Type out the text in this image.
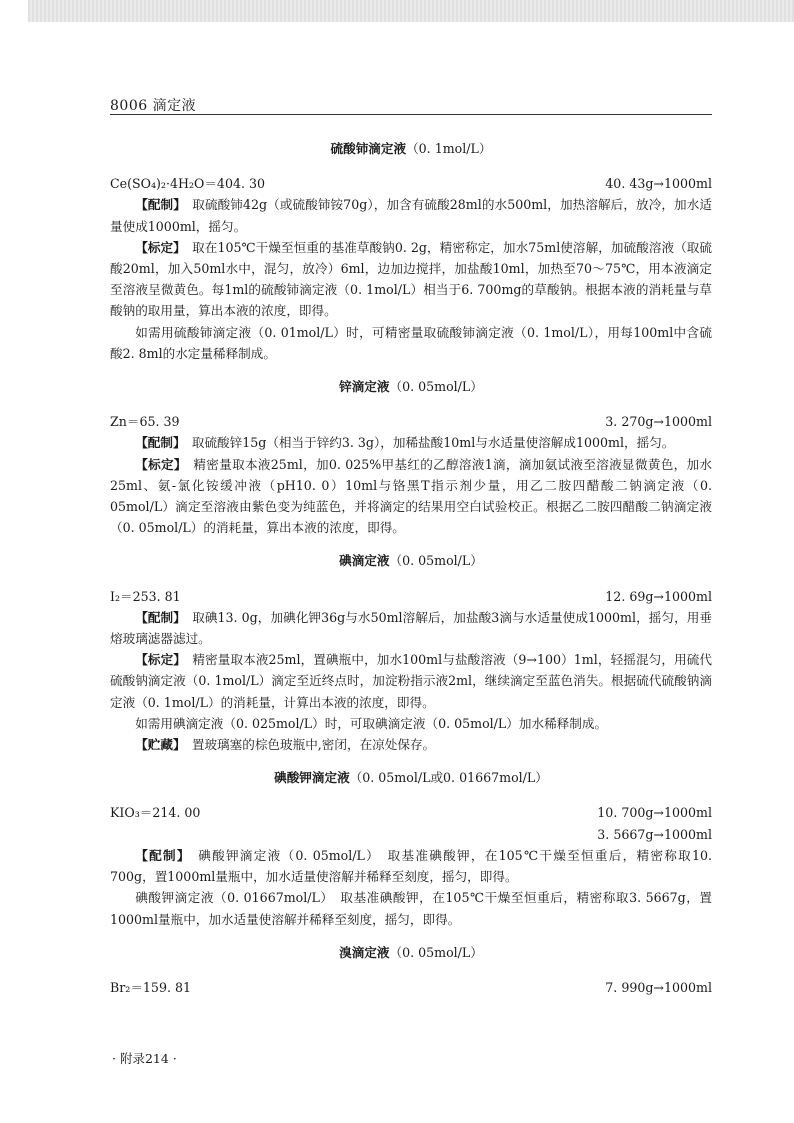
8006 滴定液
硫酸铈滴定液（0. 1mol/L）
Ce(SO₄)₂·4H₂O＝404. 30	40. 43g→1000ml

【配制】  取硫酸铈42g（或硫酸铈铵70g），加含有硫酸28ml的水500ml，加热溶解后，放冷，加水适量使成1000ml，摇匀。

【标定】  取在105℃干燥至恒重的基准草酸钠0. 2g，精密称定，加水75ml使溶解，加硫酸溶液（取硫酸20ml，加入50ml水中，混匀，放冷）6ml，边加边搅拌，加盐酸10ml，加热至70～75℃，用本液滴定至溶液呈微黄色。每1ml的硫酸铈滴定液（0. 1mol/L）相当于6. 700mg的草酸钠。根据本液的消耗量与草酸钠的取用量，算出本液的浓度，即得。

如需用硫酸铈滴定液（0. 01mol/L）时，可精密量取硫酸铈滴定液（0. 1mol/L），用每100ml中含硫酸2. 8ml的水定量稀释制成。

锌滴定液（0. 05mol/L）
Zn＝65. 39	3. 270g→1000ml

【配制】  取硫酸锌15g（相当于锌约3. 3g），加稀盐酸10ml与水适量使溶解成1000ml，摇匀。

【标定】  精密量取本液25ml，加0. 025%甲基红的乙醇溶液1滴，滴加氨试液至溶液显微黄色，加水25ml、氨-氯化铵缓冲液（pH10. 0）10ml与铬黑T指示剂少量，用乙二胺四醋酸二钠滴定液（0. 05mol/L）滴定至溶液由紫色变为纯蓝色，并将滴定的结果用空白试验校正。根据乙二胺四醋酸二钠滴定液（0. 05mol/L）的消耗量，算出本液的浓度，即得。

碘滴定液（0. 05mol/L）
I₂＝253. 81	12. 69g→1000ml

【配制】  取碘13. 0g，加碘化钾36g与水50ml溶解后，加盐酸3滴与水适量使成1000ml，摇匀，用垂熔玻璃滤器滤过。

【标定】  精密量取本液25ml，置碘瓶中，加水100ml与盐酸溶液（9→100）1ml，轻摇混匀，用硫代硫酸钠滴定液（0. 1mol/L）滴定至近终点时，加淀粉指示液2ml，继续滴定至蓝色消失。根据硫代硫酸钠滴定液（0. 1mol/L）的消耗量，计算出本液的浓度，即得。

如需用碘滴定液（0. 025mol/L）时，可取碘滴定液（0. 05mol/L）加水稀释制成。

【贮藏】  置玻璃塞的棕色玻瓶中,密闭，在凉处保存。

碘酸钾滴定液（0. 05mol/L或0. 01667mol/L）
KIO₃＝214. 00	10. 700g→1000ml
3. 5667g→1000ml

【配制】  碘酸钾滴定液（0. 05mol/L）　取基准碘酸钾，在105℃干燥至恒重后，精密称取10. 700g，置1000ml量瓶中，加水适量使溶解并稀释至刻度，摇匀，即得。

碘酸钾滴定液（0. 01667mol/L）　取基准碘酸钾，在105℃干燥至恒重后，精密称取3. 5667g，置1000ml量瓶中，加水适量使溶解并稀释至刻度，摇匀，即得。

溴滴定液（0. 05mol/L）
Br₂＝159. 81	7. 990g→1000ml
· 附录214 ·
